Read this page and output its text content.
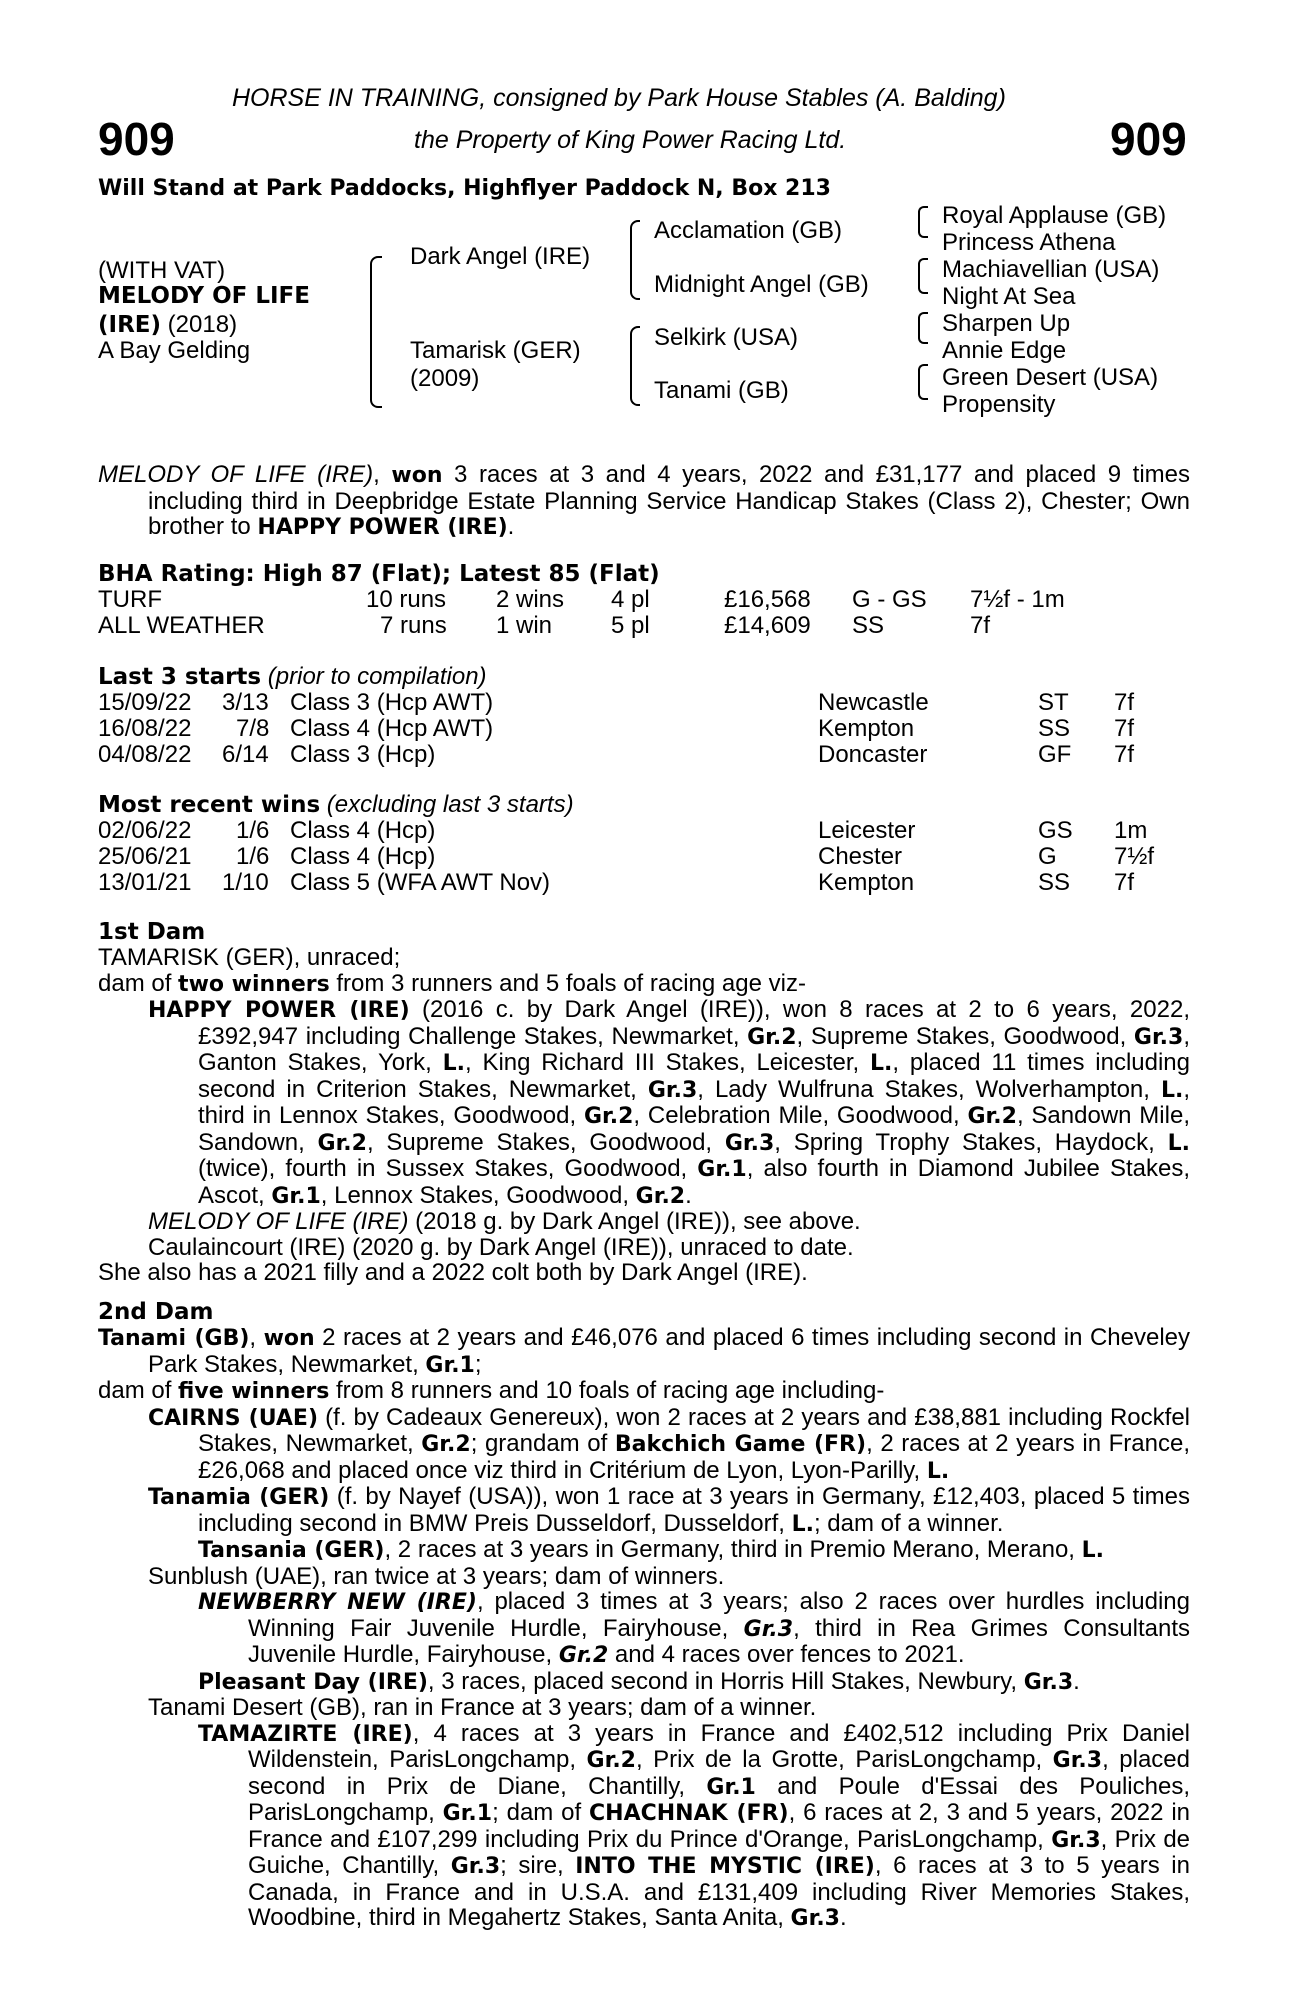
909	909
HORSE IN TRAINING, consigned by Park House Stables (A. Balding)
the Property of King Power Racing Ltd.
Will Stand at Park Paddocks, Highflyer Paddock N, Box 213
(WITH VAT)
MELODY OF LIFE
(IRE) (2018)
A Bay Gelding
Dark Angel (IRE)
Tamarisk (GER)
(2009)
Acclamation (GB)
Midnight Angel (GB)
Selkirk (USA)
Tanami (GB)
Royal Applause (GB)
Princess Athena
Machiavellian (USA)
Night At Sea
Sharpen Up
Annie Edge
Green Desert (USA)
Propensity

MELODY OF LIFE (IRE), won 3 races at 3 and 4 years, 2022 and £31,177 and placed 9 times including third in Deepbridge Estate Planning Service Handicap Stakes (Class 2), Chester; Own brother to HAPPY POWER (IRE).

BHA Rating: High 87 (Flat); Latest 85 (Flat)
TURF	10 runs 2 wins 4 pl	£16,568 G - GS 7½f - 1m
ALL WEATHER	7 runs 1 win 5 pl	£14,609 SS	7f
Last 3 starts (prior to compilation)
15/09/22 3/13 Class 3 (Hcp AWT)	Newcastle	ST 7f
16/08/22 7/8 Class 4 (Hcp AWT)	Kempton	SS 7f
04/08/22 6/14 Class 3 (Hcp)	Doncaster	GF 7f
Most recent wins (excluding last 3 starts)
02/06/22 1/6 Class 4 (Hcp)	Leicester	GS 1m
25/06/21 1/6 Class 4 (Hcp)	Chester	G 7½f
13/01/21 1/10 Class 5 (WFA AWT Nov)	Kempton	SS 7f
1st Dam

TAMARISK (GER), unraced;

dam of two winners from 3 runners and 5 foals of racing age viz-

HAPPY POWER (IRE) (2016 c. by Dark Angel (IRE)), won 8 races at 2 to 6 years, 2022, £392,947 including Challenge Stakes, Newmarket, Gr.2, Supreme Stakes, Goodwood, Gr.3, Ganton Stakes, York, L., King Richard III Stakes, Leicester, L., placed 11 times including second in Criterion Stakes, Newmarket, Gr.3, Lady Wulfruna Stakes, Wolverhampton, L., third in Lennox Stakes, Goodwood, Gr.2, Celebration Mile, Goodwood, Gr.2, Sandown Mile, Sandown, Gr.2, Supreme Stakes, Goodwood, Gr.3, Spring Trophy Stakes, Haydock, L. (twice), fourth in Sussex Stakes, Goodwood, Gr.1, also fourth in Diamond Jubilee Stakes, Ascot, Gr.1, Lennox Stakes, Goodwood, Gr.2.

MELODY OF LIFE (IRE) (2018 g. by Dark Angel (IRE)), see above.

Caulaincourt (IRE) (2020 g. by Dark Angel (IRE)), unraced to date.

She also has a 2021 filly and a 2022 colt both by Dark Angel (IRE).

2nd Dam

Tanami (GB), won 2 races at 2 years and £46,076 and placed 6 times including second in Cheveley Park Stakes, Newmarket, Gr.1;

dam of five winners from 8 runners and 10 foals of racing age including-

CAIRNS (UAE) (f. by Cadeaux Genereux), won 2 races at 2 years and £38,881 including Rockfel Stakes, Newmarket, Gr.2; grandam of Bakchich Game (FR), 2 races at 2 years in France, £26,068 and placed once viz third in Critérium de Lyon, Lyon-Parilly, L.

Tanamia (GER) (f. by Nayef (USA)), won 1 race at 3 years in Germany, £12,403, placed 5 times including second in BMW Preis Dusseldorf, Dusseldorf, L.; dam of a winner.

Tansania (GER), 2 races at 3 years in Germany, third in Premio Merano, Merano, L.

Sunblush (UAE), ran twice at 3 years; dam of winners.

NEWBERRY NEW (IRE), placed 3 times at 3 years; also 2 races over hurdles including Winning Fair Juvenile Hurdle, Fairyhouse, Gr.3, third in Rea Grimes Consultants Juvenile Hurdle, Fairyhouse, Gr.2 and 4 races over fences to 2021.

Pleasant Day (IRE), 3 races, placed second in Horris Hill Stakes, Newbury, Gr.3.

Tanami Desert (GB), ran in France at 3 years; dam of a winner.

TAMAZIRTE (IRE), 4 races at 3 years in France and £402,512 including Prix Daniel Wildenstein, ParisLongchamp, Gr.2, Prix de la Grotte, ParisLongchamp, Gr.3, placed second in Prix de Diane, Chantilly, Gr.1 and Poule d'Essai des Pouliches, ParisLongchamp, Gr.1; dam of CHACHNAK (FR), 6 races at 2, 3 and 5 years, 2022 in France and £107,299 including Prix du Prince d'Orange, ParisLongchamp, Gr.3, Prix de Guiche, Chantilly, Gr.3; sire, INTO THE MYSTIC (IRE), 6 races at 3 to 5 years in Canada, in France and in U.S.A. and £131,409 including River Memories Stakes, Woodbine, third in Megahertz Stakes, Santa Anita, Gr.3.
